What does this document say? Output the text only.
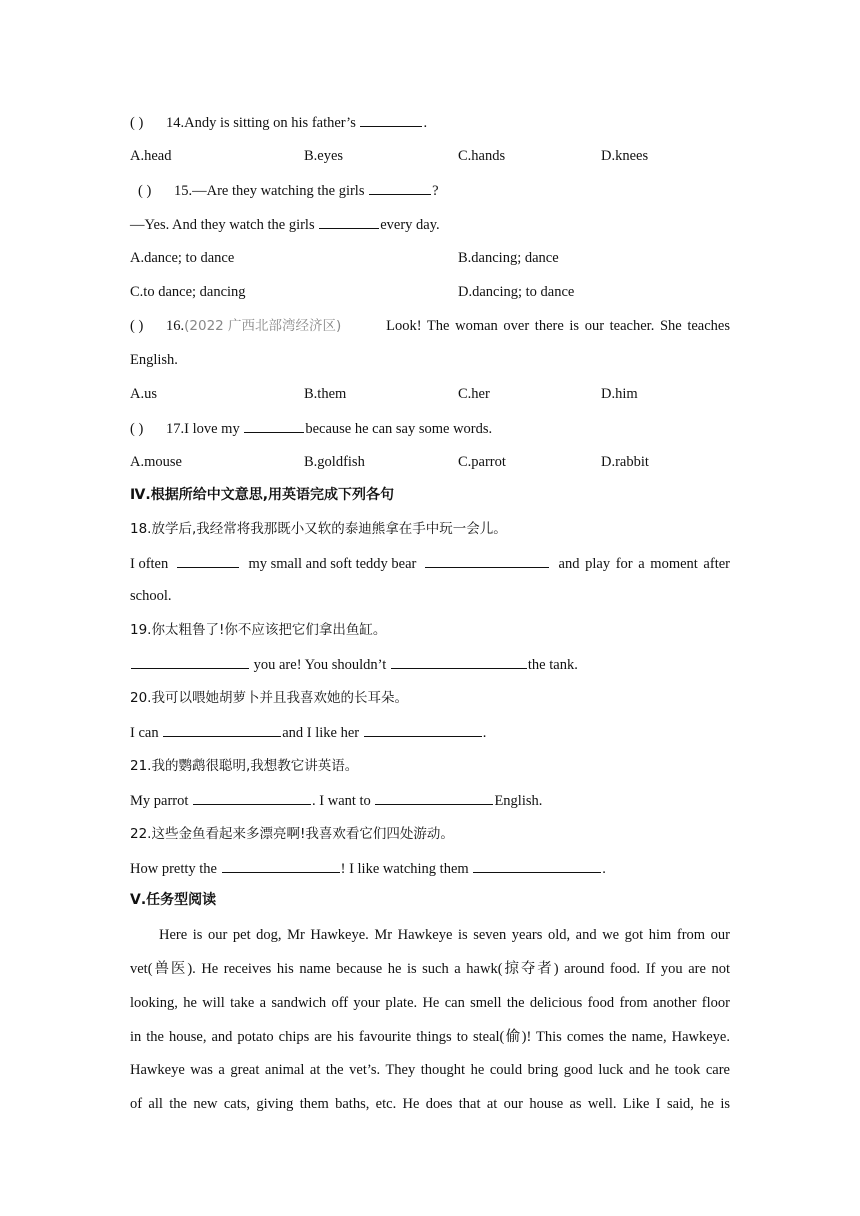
( ) 14.Andy is sitting on his father’s	.
A.head	B.eyes	C.hands	D.knees
( ) 15.—Are they watching the girls	?
—Yes. And they watch the girls	every day.
A.dance; to dance	B.dancing; dance
C.to dance; dancing	D.dancing; to dance
( ) 16.(2022 广西北部湾经济区)	Look! The woman over there is our teacher. She teaches
English.
A.us	B.them	C.her	D.him
( ) 17.I love my	because he can say some words.
A.mouse	B.goldfish	C.parrot	D.rabbit
Ⅳ.根据所给中文意思,用英语完成下列各句
18.放学后,我经常将我那既小又软的泰迪熊拿在手中玩一会儿。
I often	my small and soft teddy bear	and play for a moment after
school.
19.你太粗鲁了!你不应该把它们拿出鱼缸。
you are! You shouldn’t	the tank.
20.我可以喂她胡萝卜并且我喜欢她的长耳朵。
I can	and I like her	.
21.我的鹦鹉很聪明,我想教它讲英语。
My parrot	. I want to	English.
22.这些金鱼看起来多漂亮啊!我喜欢看它们四处游动。
How pretty the	! I like watching them	.
Ⅴ.任务型阅读
Here is our pet dog, Mr Hawkeye. Mr Hawkeye is seven years old, and we got him from our
vet(兽医). He receives his name because he is such a hawk(掠夺者) around food. If you are not
looking, he will take a sandwich off your plate. He can smell the delicious food from another floor
in the house, and potato chips are his favourite things to steal(偷)! This comes the name, Hawkeye.
Hawkeye was a great animal at the vet’s. They thought he could bring good luck and he took care
of all the new cats, giving them baths, etc. He does that at our house as well. Like I said, he is
